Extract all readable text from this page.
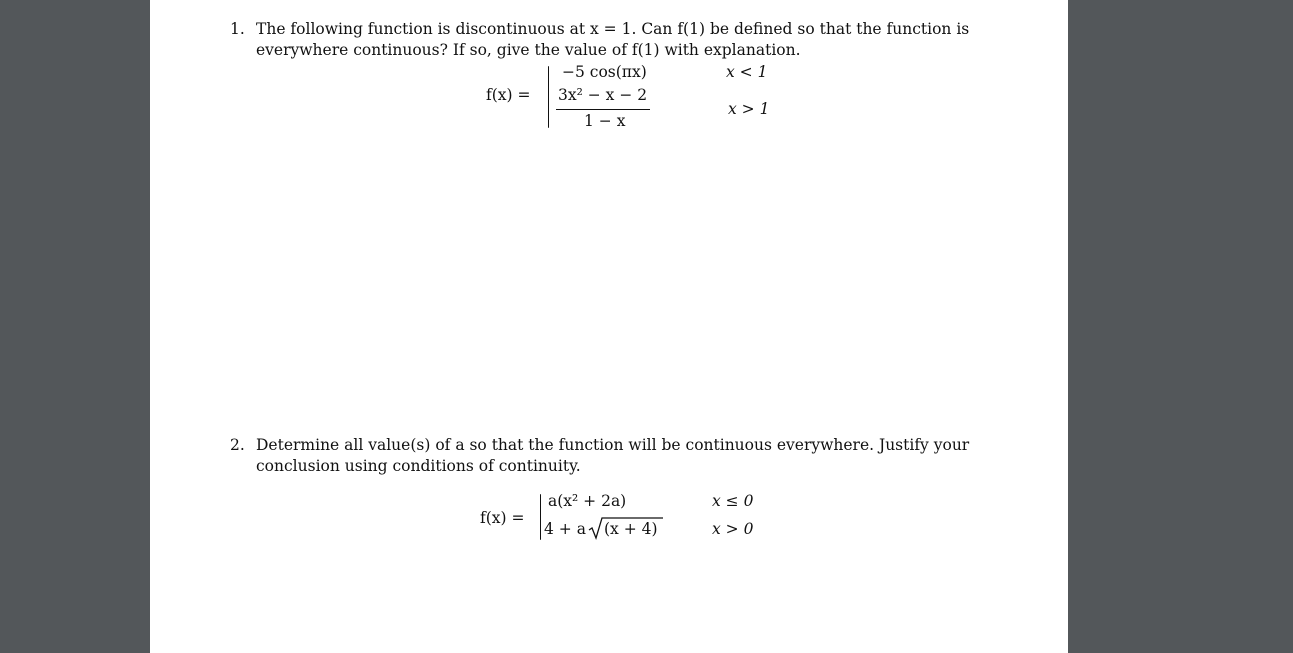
1. The following function is discontinuous at x = 1. Can f(1) be defined so that the function is
everywhere continuous? If so, give the value of f(1) with explanation.
f(x) =
−5 cos(πx)	x < 1
3x² − x − 2
1 − x
x > 1
2. Determine all value(s) of a so that the function will be continuous everywhere. Justify your
conclusion using conditions of continuity.
f(x) =
a(x² + 2a)	x ≤ 0
4 + a (x + 4)	x > 0
